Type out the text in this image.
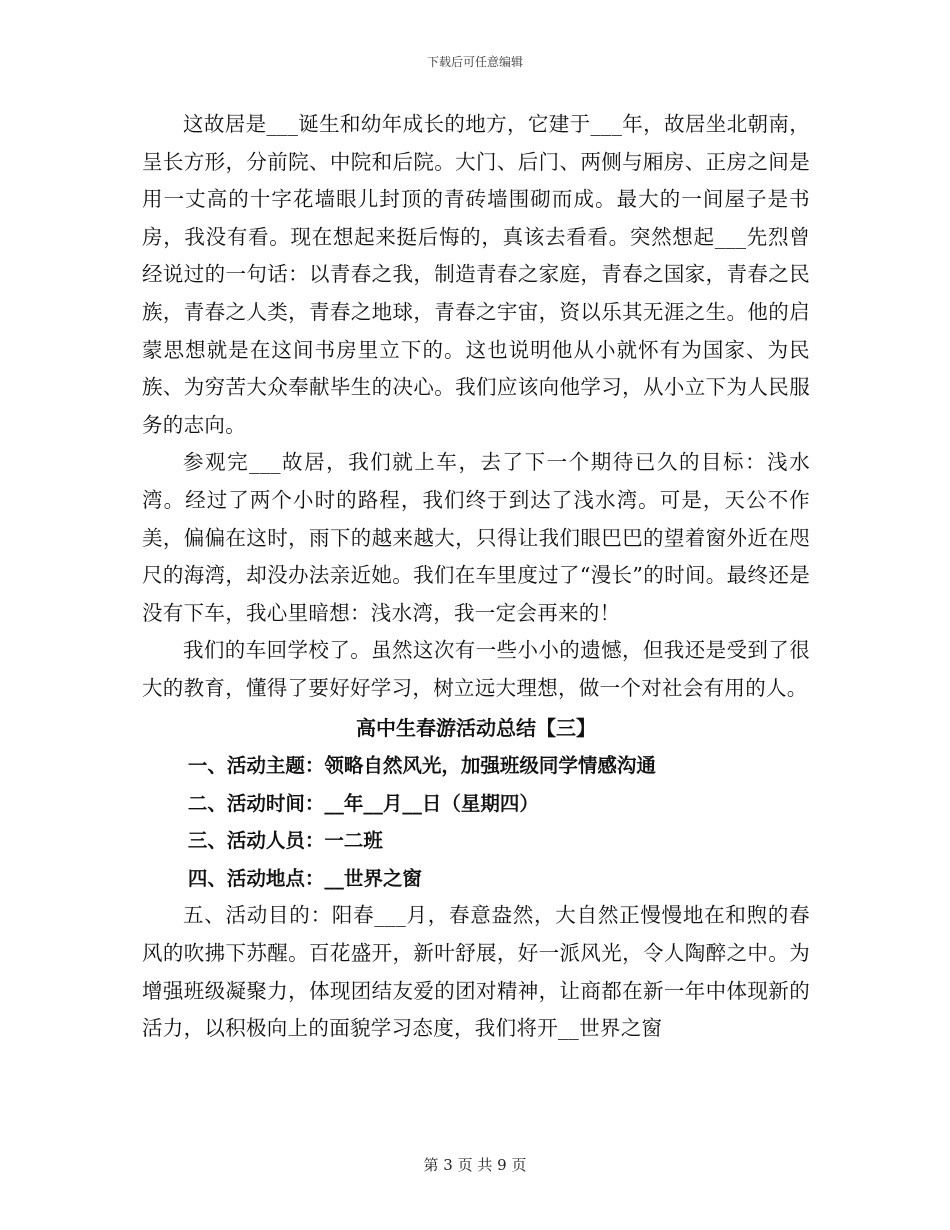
下载后可任意编辑

这故居是___诞生和幼年成长的地方，它建于___年，故居坐北朝南，呈长方形，分前院、中院和后院。大门、后门、两侧与厢房、正房之间是用一丈高的十字花墙眼儿封顶的青砖墙围砌而成。最大的一间屋子是书房，我没有看。现在想起来挺后悔的，真该去看看。突然想起___先烈曾经说过的一句话：以青春之我，制造青春之家庭，青春之国家，青春之民族，青春之人类，青春之地球，青春之宇宙，资以乐其无涯之生。他的启蒙思想就是在这间书房里立下的。这也说明他从小就怀有为国家、为民族、为穷苦大众奉献毕生的决心。我们应该向他学习，从小立下为人民服务的志向。

参观完___故居，我们就上车，去了下一个期待已久的目标：浅水湾。经过了两个小时的路程，我们终于到达了浅水湾。可是，天公不作美，偏偏在这时，雨下的越来越大，只得让我们眼巴巴的望着窗外近在咫尺的海湾，却没办法亲近她。我们在车里度过了“漫长”的时间。最终还是没有下车，我心里暗想：浅水湾，我一定会再来的！

我们的车回学校了。虽然这次有一些小小的遗憾，但我还是受到了很大的教育，懂得了要好好学习，树立远大理想，做一个对社会有用的人。

高中生春游活动总结【三】

一、活动主题：领略自然风光，加强班级同学情感沟通

二、活动时间：__年__月__日（星期四）

三、活动人员：一二班

四、活动地点：__世界之窗

五、活动目的：阳春___月，春意盎然，大自然正慢慢地在和煦的春风的吹拂下苏醒。百花盛开，新叶舒展，好一派风光，令人陶醉之中。为增强班级凝聚力，体现团结友爱的团对精神，让商都在新一年中体现新的活力，以积极向上的面貌学习态度，我们将开__世界之窗

第 3 页 共 9 页
